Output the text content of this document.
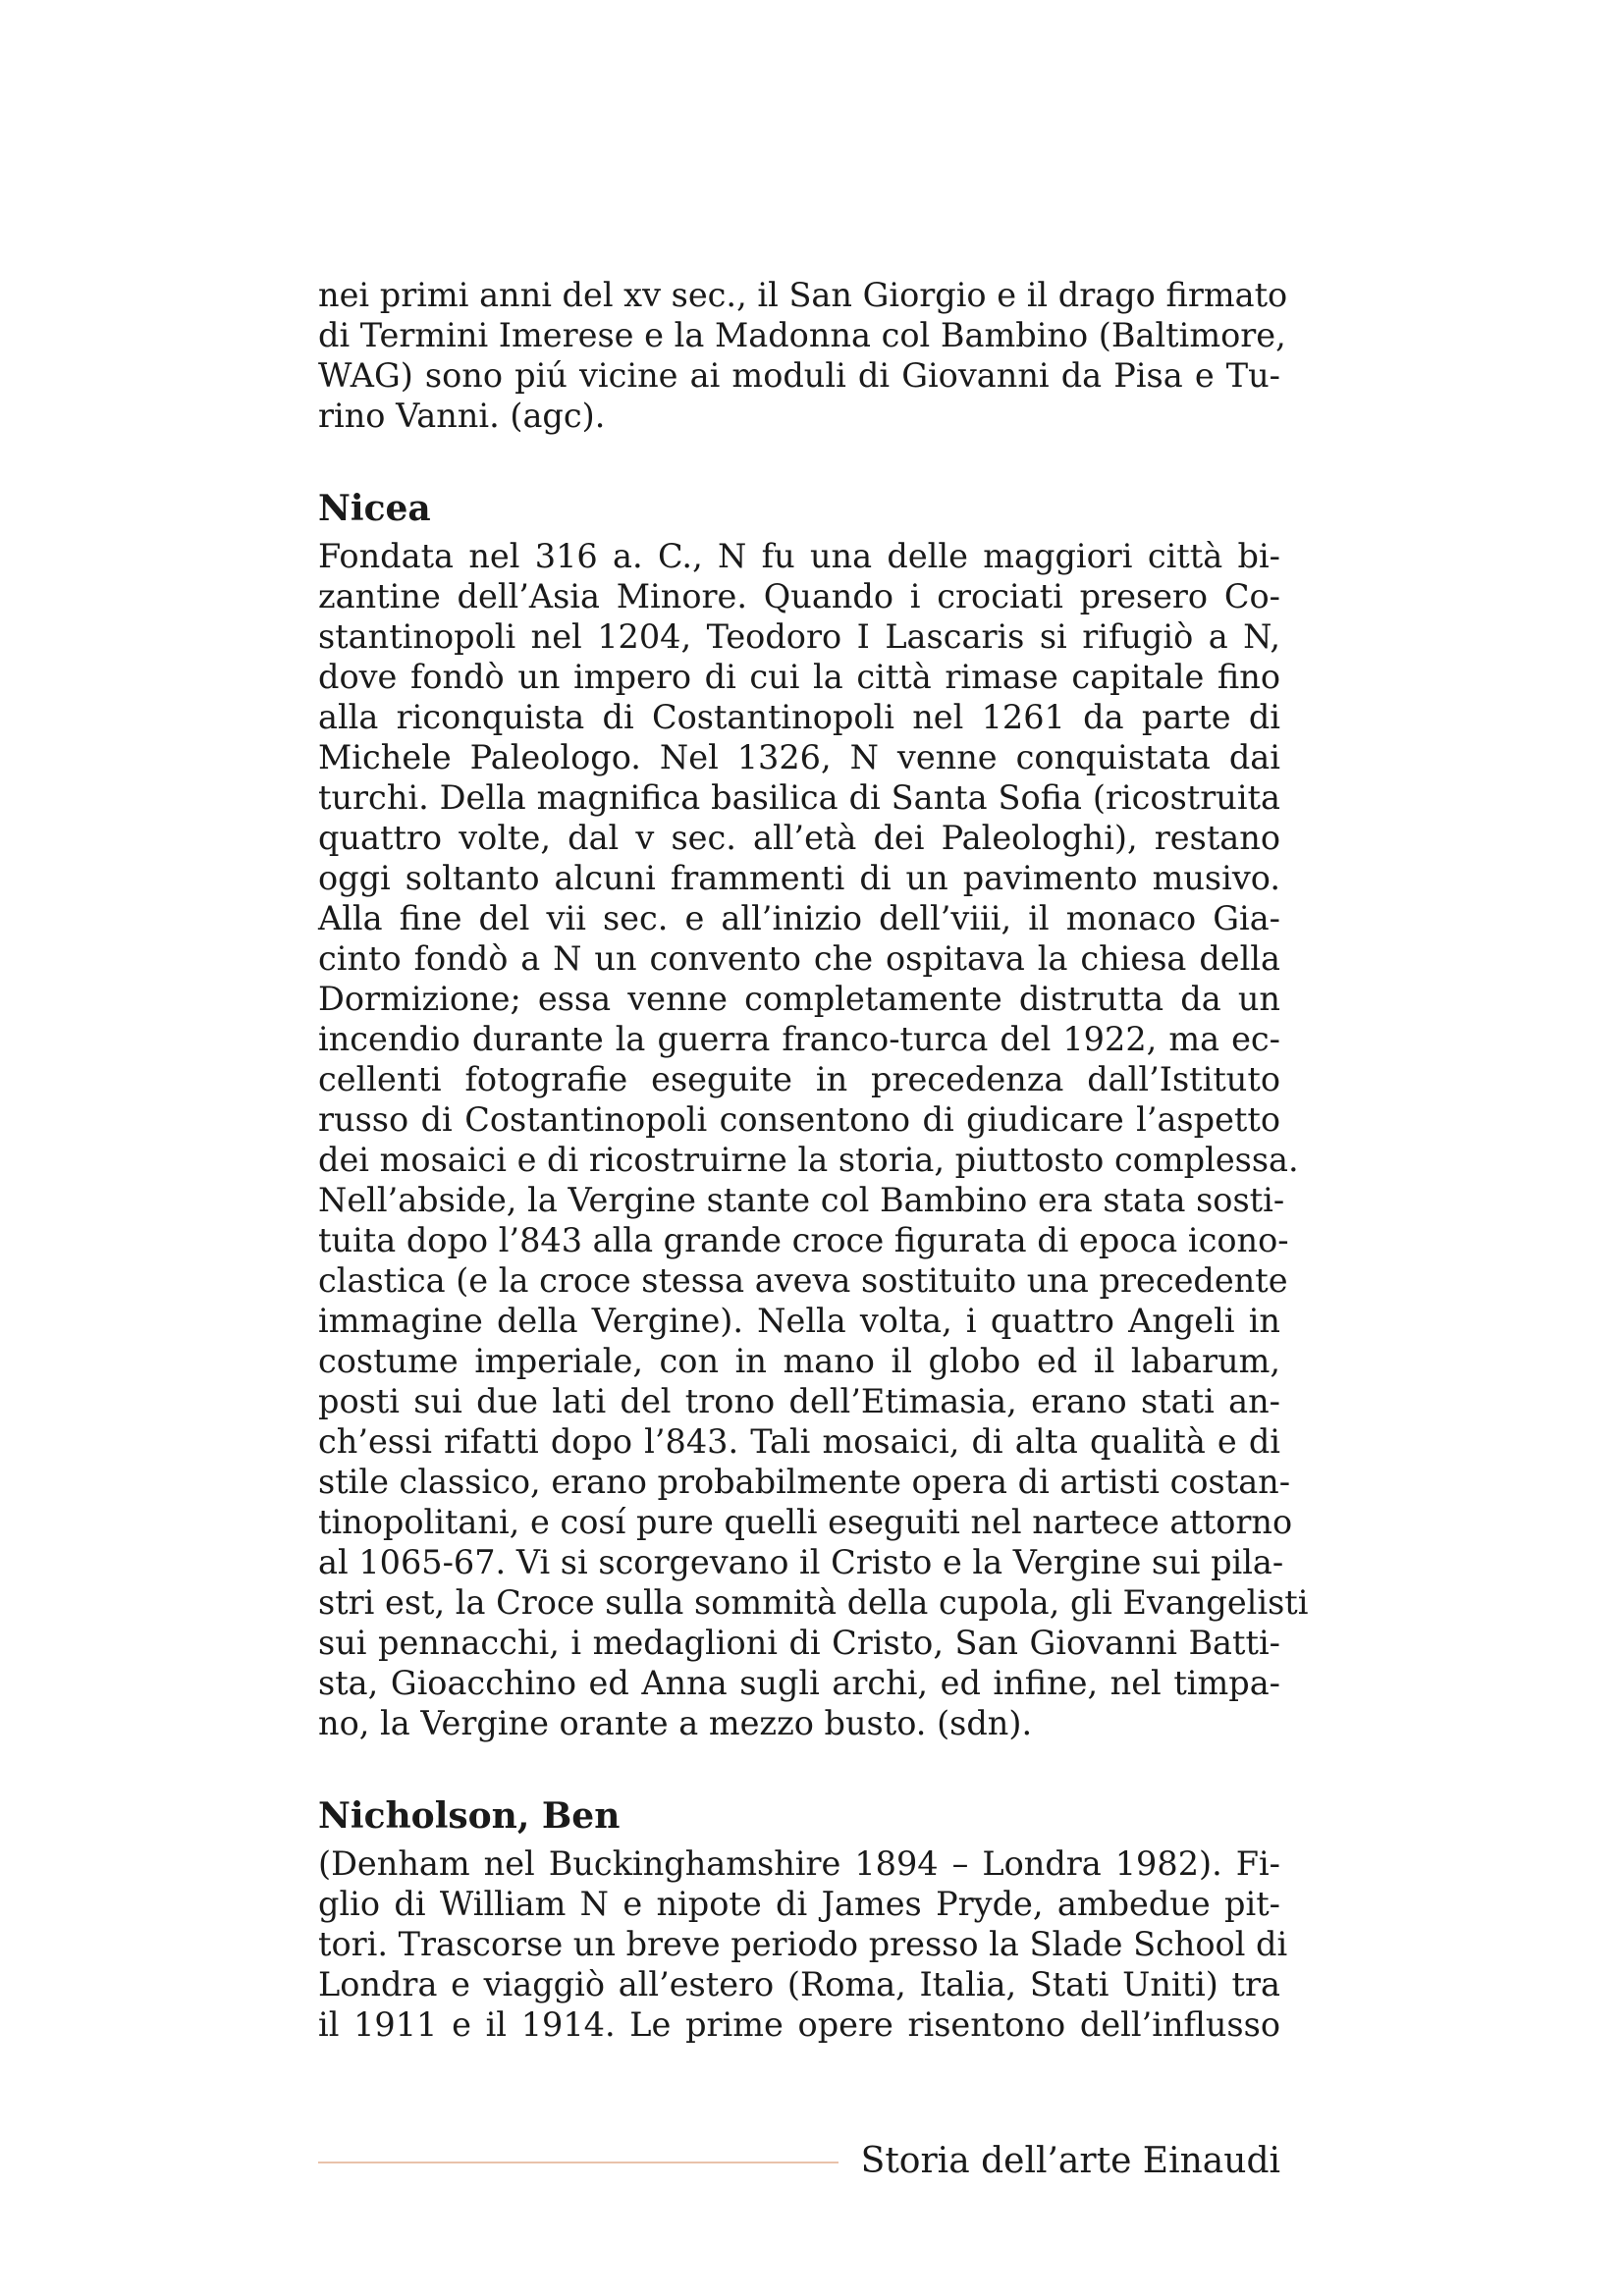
nei primi anni del xv sec., il San Giorgio e il drago firmato
di Termini Imerese e la Madonna col Bambino (Baltimore,
WAG) sono piú vicine ai moduli di Giovanni da Pisa e Tu-
rino Vanni. (agc).

Nicea

Fondata nel 316 a. C., N fu una delle maggiori città bi-
zantine dell’Asia Minore. Quando i crociati presero Co-
stantinopoli nel 1204, Teodoro I Lascaris si rifugiò a N,
dove fondò un impero di cui la città rimase capitale fino
alla riconquista di Costantinopoli nel 1261 da parte di
Michele Paleologo. Nel 1326, N venne conquistata dai
turchi. Della magnifica basilica di Santa Sofia (ricostruita
quattro volte, dal v sec. all’età dei Paleologhi), restano
oggi soltanto alcuni frammenti di un pavimento musivo.
Alla fine del vii sec. e all’inizio dell’viii, il monaco Gia-
cinto fondò a N un convento che ospitava la chiesa della
Dormizione; essa venne completamente distrutta da un
incendio durante la guerra franco-turca del 1922, ma ec-
cellenti fotografie eseguite in precedenza dall’Istituto
russo di Costantinopoli consentono di giudicare l’aspetto
dei mosaici e di ricostruirne la storia, piuttosto complessa.
Nell’abside, la Vergine stante col Bambino era stata sosti-
tuita dopo l’843 alla grande croce figurata di epoca icono-
clastica (e la croce stessa aveva sostituito una precedente
immagine della Vergine). Nella volta, i quattro Angeli in
costume imperiale, con in mano il globo ed il labarum,
posti sui due lati del trono dell’Etimasia, erano stati an-
ch’essi rifatti dopo l’843. Tali mosaici, di alta qualità e di
stile classico, erano probabilmente opera di artisti costan-
tinopolitani, e cosí pure quelli eseguiti nel nartece attorno
al 1065-67. Vi si scorgevano il Cristo e la Vergine sui pila-
stri est, la Croce sulla sommità della cupola, gli Evangelisti
sui pennacchi, i medaglioni di Cristo, San Giovanni Batti-
sta, Gioacchino ed Anna sugli archi, ed infine, nel timpa-
no, la Vergine orante a mezzo busto. (sdn).

Nicholson, Ben

(Denham nel Buckinghamshire 1894 – Londra 1982). Fi-
glio di William N e nipote di James Pryde, ambedue pit-
tori. Trascorse un breve periodo presso la Slade School di
Londra e viaggiò all’estero (Roma, Italia, Stati Uniti) tra
il 1911 e il 1914. Le prime opere risentono dell’influsso

Storia dell’arte Einaudi
